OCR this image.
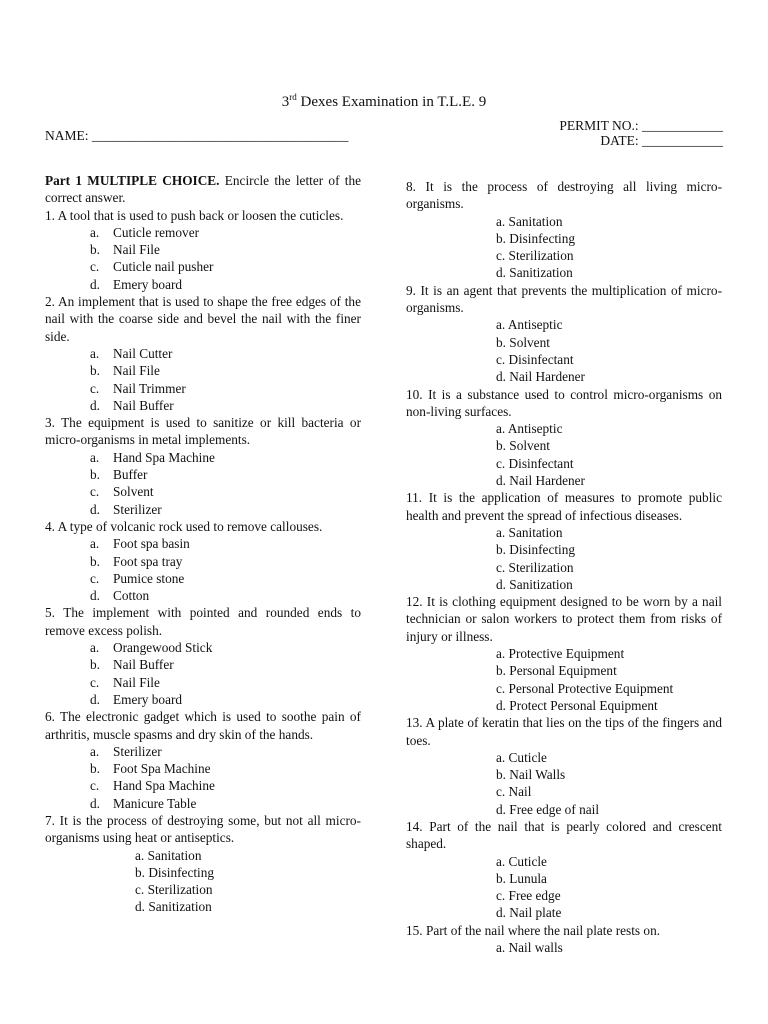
3rd Dexes Examination in T.L.E. 9
NAME: ______________________________________
PERMIT NO.: ____________
DATE: ____________
Part 1 MULTIPLE CHOICE. Encircle the letter of the correct answer.
1. A tool that is used to push back or loosen the cuticles.
a.	Cuticle remover
b. Nail File
c.	Cuticle nail pusher
d. Emery board
2. An implement that is used to shape the free edges of the nail with the coarse side and bevel the nail with the finer side.
a.	Nail Cutter
b. Nail File
c.	Nail Trimmer
d. Nail Buffer
3. The equipment is used to sanitize or kill bacteria or micro-organisms in metal implements.
a.	Hand Spa Machine
b. Buffer
c.	Solvent
d. Sterilizer
4. A type of volcanic rock used to remove callouses.
a.	Foot spa basin
b. Foot spa tray
c.	Pumice stone
d. Cotton
5. The implement with pointed and rounded ends to remove excess polish.
a.	Orangewood Stick
b. Nail Buffer
c.	Nail File
d. Emery board
6. The electronic gadget which is used to soothe pain of arthritis, muscle spasms and dry skin of the hands.
a.	Sterilizer
b. Foot Spa Machine
c.	Hand Spa Machine
d. Manicure Table
7. It is the process of destroying some, but not all micro-organisms using heat or antiseptics.
a. Sanitation
b. Disinfecting
c. Sterilization
d. Sanitization
8. It is the process of destroying all living micro-organisms.
a. Sanitation
b. Disinfecting
c. Sterilization
d. Sanitization
9. It is an agent that prevents the multiplication of micro-organisms.
a. Antiseptic
b. Solvent
c. Disinfectant
d. Nail Hardener
10. It is a substance used to control micro-organisms on non-living surfaces.
a. Antiseptic
b. Solvent
c. Disinfectant
d. Nail Hardener
11. It is the application of measures to promote public health and prevent the spread of infectious diseases.
a. Sanitation
b. Disinfecting
c. Sterilization
d. Sanitization
12. It is clothing equipment designed to be worn by a nail technician or salon workers to protect them from risks of injury or illness.
a. Protective Equipment
b. Personal Equipment
c. Personal Protective Equipment
d. Protect Personal Equipment
13. A plate of keratin that lies on the tips of the fingers and toes.
a. Cuticle
b. Nail Walls
c. Nail
d. Free edge of nail
14. Part of the nail that is pearly colored and crescent shaped.
a. Cuticle
b. Lunula
c. Free edge
d. Nail plate
15. Part of the nail where the nail plate rests on.
a. Nail walls
